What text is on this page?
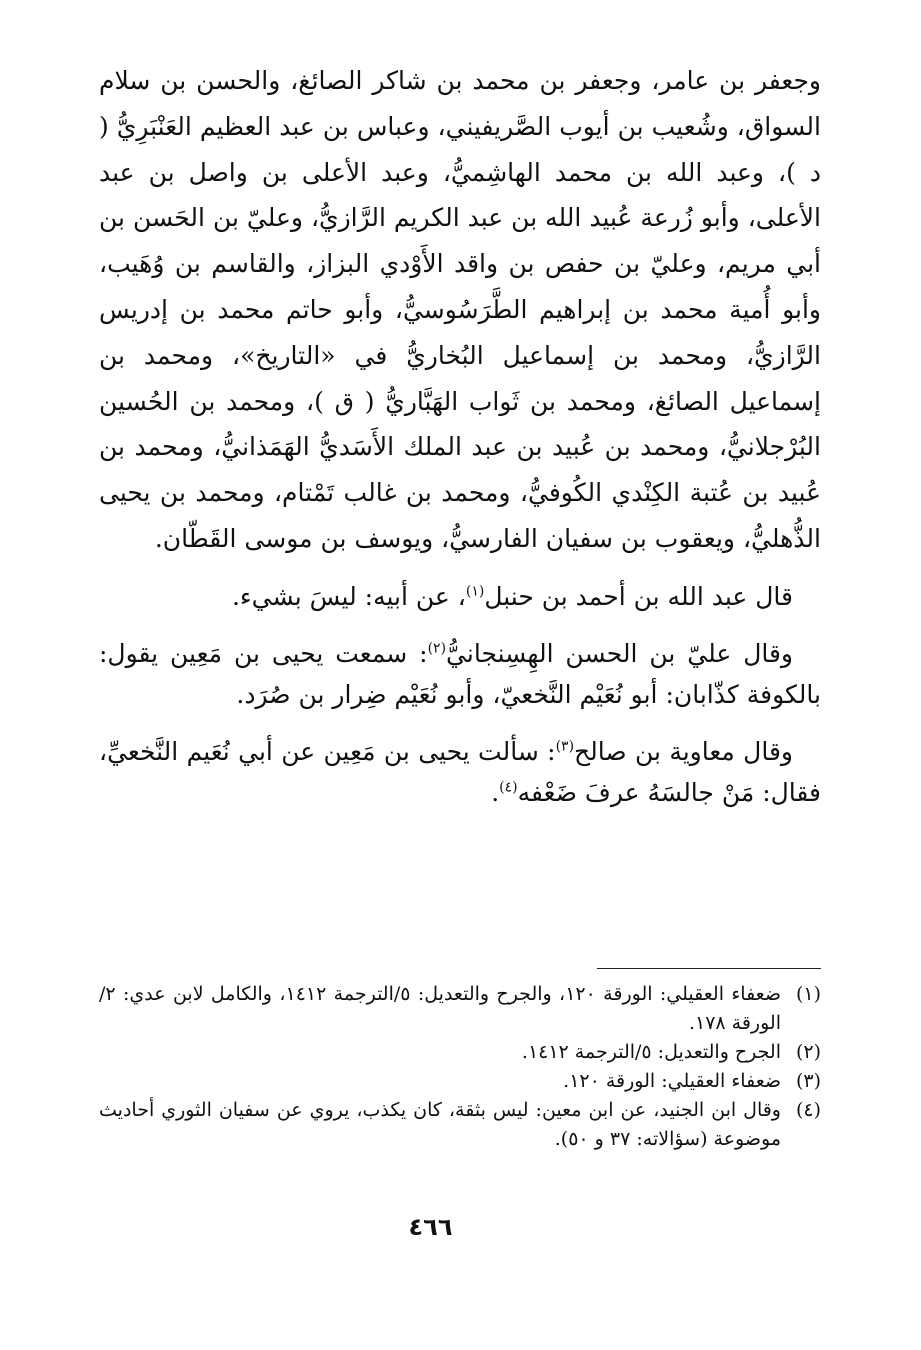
وجعفر بن عامر، وجعفر بن محمد بن شاكر الصائغ، والحسن بن سلام السواق، وشُعيب بن أيوب الصَّريفيني، وعباس بن عبد العظيم العَنْبَرِيُّ ( د )، وعبد الله بن محمد الهاشِميُّ، وعبد الأعلى بن واصل بن عبد الأعلى، وأبو زُرعة عُبيد الله بن عبد الكريم الرَّازيُّ، وعليّ بن الحَسن بن أبي مريم، وعليّ بن حفص بن واقد الأَوْدي البزاز، والقاسم بن وُهَيب، وأبو أُمية محمد بن إبراهيم الطَّرَسُوسيُّ، وأبو حاتم محمد بن إدريس الرَّازيُّ، ومحمد بن إسماعيل البُخاريُّ في «التاريخ»، ومحمد بن إسماعيل الصائغ، ومحمد بن ثَواب الهَبَّاريُّ ( ق )، ومحمد بن الحُسين البُرْجلانيُّ، ومحمد بن عُبيد بن عبد الملك الأَسَديُّ الهَمَذانيُّ، ومحمد بن عُبيد بن عُتبة الكِنْدي الكُوفيُّ، ومحمد بن غالب تَمْتام، ومحمد بن يحيى الذُّهليُّ، ويعقوب بن سفيان الفارسيُّ، ويوسف بن موسى القَطّان.

قال عبد الله بن أحمد بن حنبل$^{(١)}$، عن أبيه: ليسَ بشيء.

وقال عليّ بن الحسن الهِسِنجانيُّ$^{(٢)}$: سمعت يحيى بن مَعِين يقول: بالكوفة كذّابان: أبو نُعَيْم النَّخعيّ، وأبو نُعَيْم ضِرار بن صُرَد.

وقال معاوية بن صالح$^{(٣)}$: سألت يحيى بن مَعِين عن أبي نُعَيم النَّخعيِّ، فقال: مَنْ جالسَهُ عرفَ ضَعْفه$^{(٤)}$.

(١)
ضعفاء العقيلي: الورقة ١٢٠، والجرح والتعديل: ٥/الترجمة ١٤١٢، والكامل لابن عدي: ٢/الورقة ١٧٨.
(٢)
الجرح والتعديل: ٥/الترجمة ١٤١٢.
(٣)
ضعفاء العقيلي: الورقة ١٢٠.
(٤)
وقال ابن الجنيد، عن ابن معين: ليس بثقة، كان يكذب، يروي عن سفيان الثوري أحاديث موضوعة (سؤالاته: ٣٧ و ٥٠).
٤٦٦
